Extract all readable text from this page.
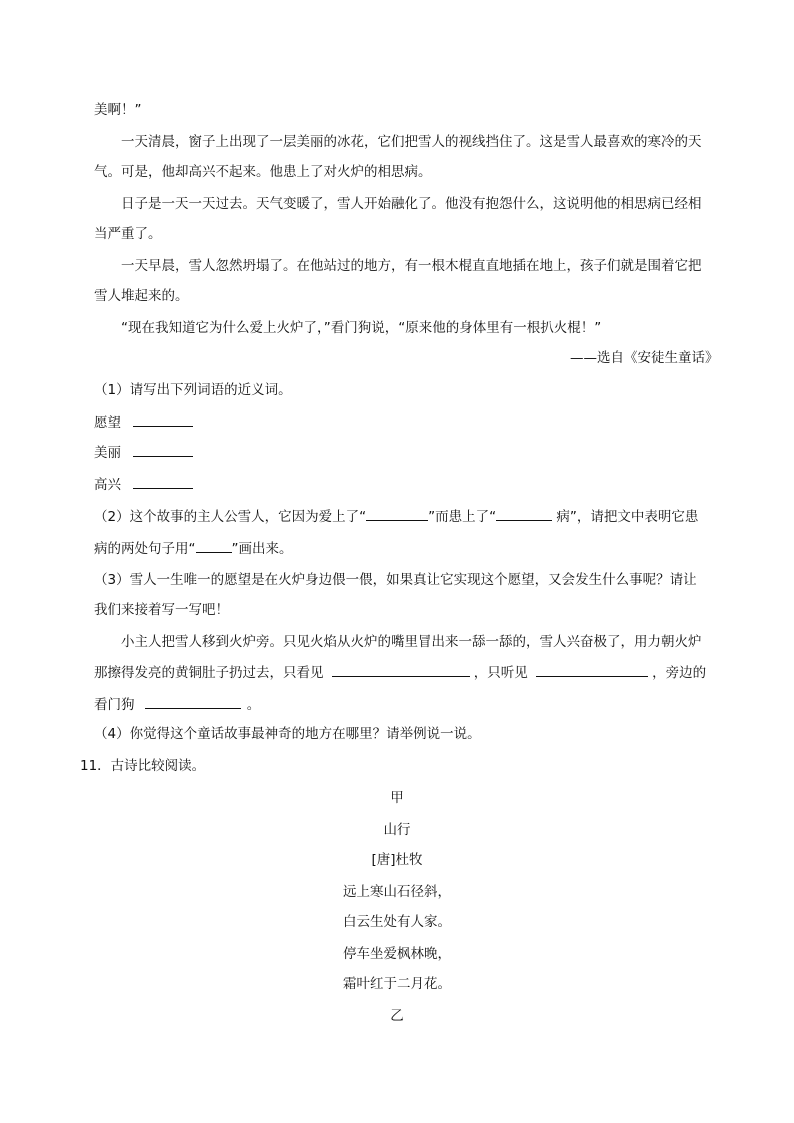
美啊！”
一天清晨，窗子上出现了一层美丽的冰花，它们把雪人的视线挡住了。这是雪人最喜欢的寒冷的天
气。可是，他却高兴不起来。他患上了对火炉的相思病。
日子是一天一天过去。天气变暖了，雪人开始融化了。他没有抱怨什么，这说明他的相思病已经相
当严重了。
一天早晨，雪人忽然坍塌了。在他站过的地方，有一根木棍直直地插在地上，孩子们就是围着它把
雪人堆起来的。
“现在我知道它为什么爱上火炉了，”看门狗说，“原来他的身体里有一根扒火棍！”
——选自《安徒生童话》
（1）请写出下列词语的近义词。
愿望
美丽
高兴
（2）这个故事的主人公雪人，它因为爱上了“	”而患上了“	病”，请把文中表明它患
病的两处句子用“	”画出来。
（3）雪人一生唯一的愿望是在火炉身边偎一偎，如果真让它实现这个愿望，又会发生什么事呢？请让
我们来接着写一写吧！
小主人把雪人移到火炉旁。只见火焰从火炉的嘴里冒出来一舔一舔的，雪人兴奋极了，用力朝火炉
那擦得发亮的黄铜肚子扔过去，只看见	，只听见	，旁边的
看门狗	。
（4）你觉得这个童话故事最神奇的地方在哪里？请举例说一说。
11．古诗比较阅读。
甲
山行
[唐]杜牧
远上寒山石径斜，
白云生处有人家。
停车坐爱枫林晚，
霜叶红于二月花。
乙
